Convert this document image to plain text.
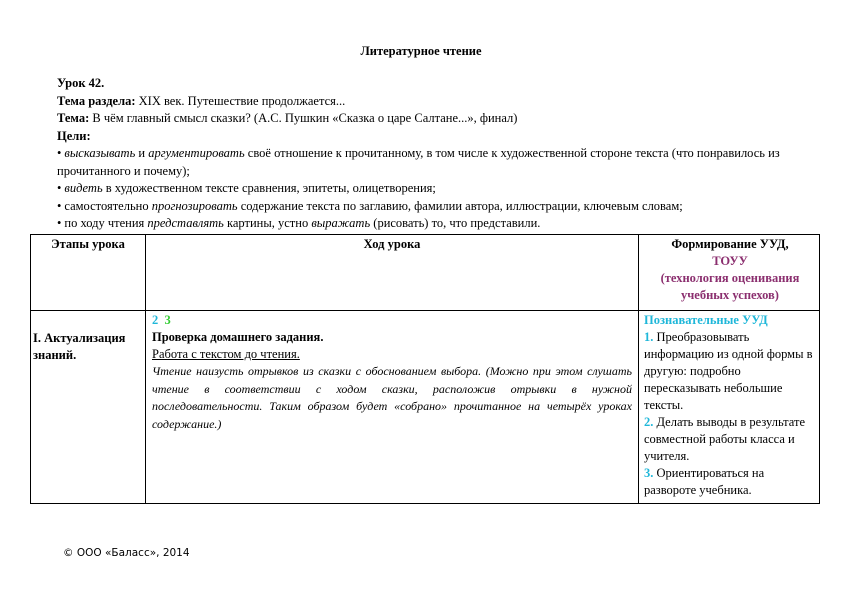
Литературное чтение
Урок 42.
Тема раздела: XIX век. Путешествие продолжается...
Тема: В чём главный смысл сказки? (А.С. Пушкин «Сказка о царе Салтане...», финал)
Цели:
• высказывать и аргументировать своё отношение к прочитанному, в том числе к художественной стороне текста (что понравилось из прочитанного и почему);
• видеть в художественном тексте сравнения, эпитеты, олицетворения;
• самостоятельно прогнозировать содержание текста по заглавию, фамилии автора, иллюстрации, ключевым словам;
• по ходу чтения представлять картины, устно выражать (рисовать) то, что представили.
Этапы урока	Ход урока	Формирование УУД,
ТОУУ
(технология оценивания учебных успехов)
I. Актуализация знаний.
2 3
Проверка домашнего задания.
Работа с текстом до чтения.
Чтение наизусть отрывков из сказки с обоснованием выбора. (Можно при этом слушать чтение в соответствии с ходом сказки, расположив отрывки в нужной последовательности. Таким образом будет «собрано» прочитанное на четырёх уроках содержание.)
Познавательные УУД
1. Преобразовывать информацию из одной формы в другую: подробно пересказывать небольшие тексты.
2. Делать выводы в результате совместной работы класса и учителя.
3. Ориентироваться на развороте учебника.
© ООО «Баласс», 2014
